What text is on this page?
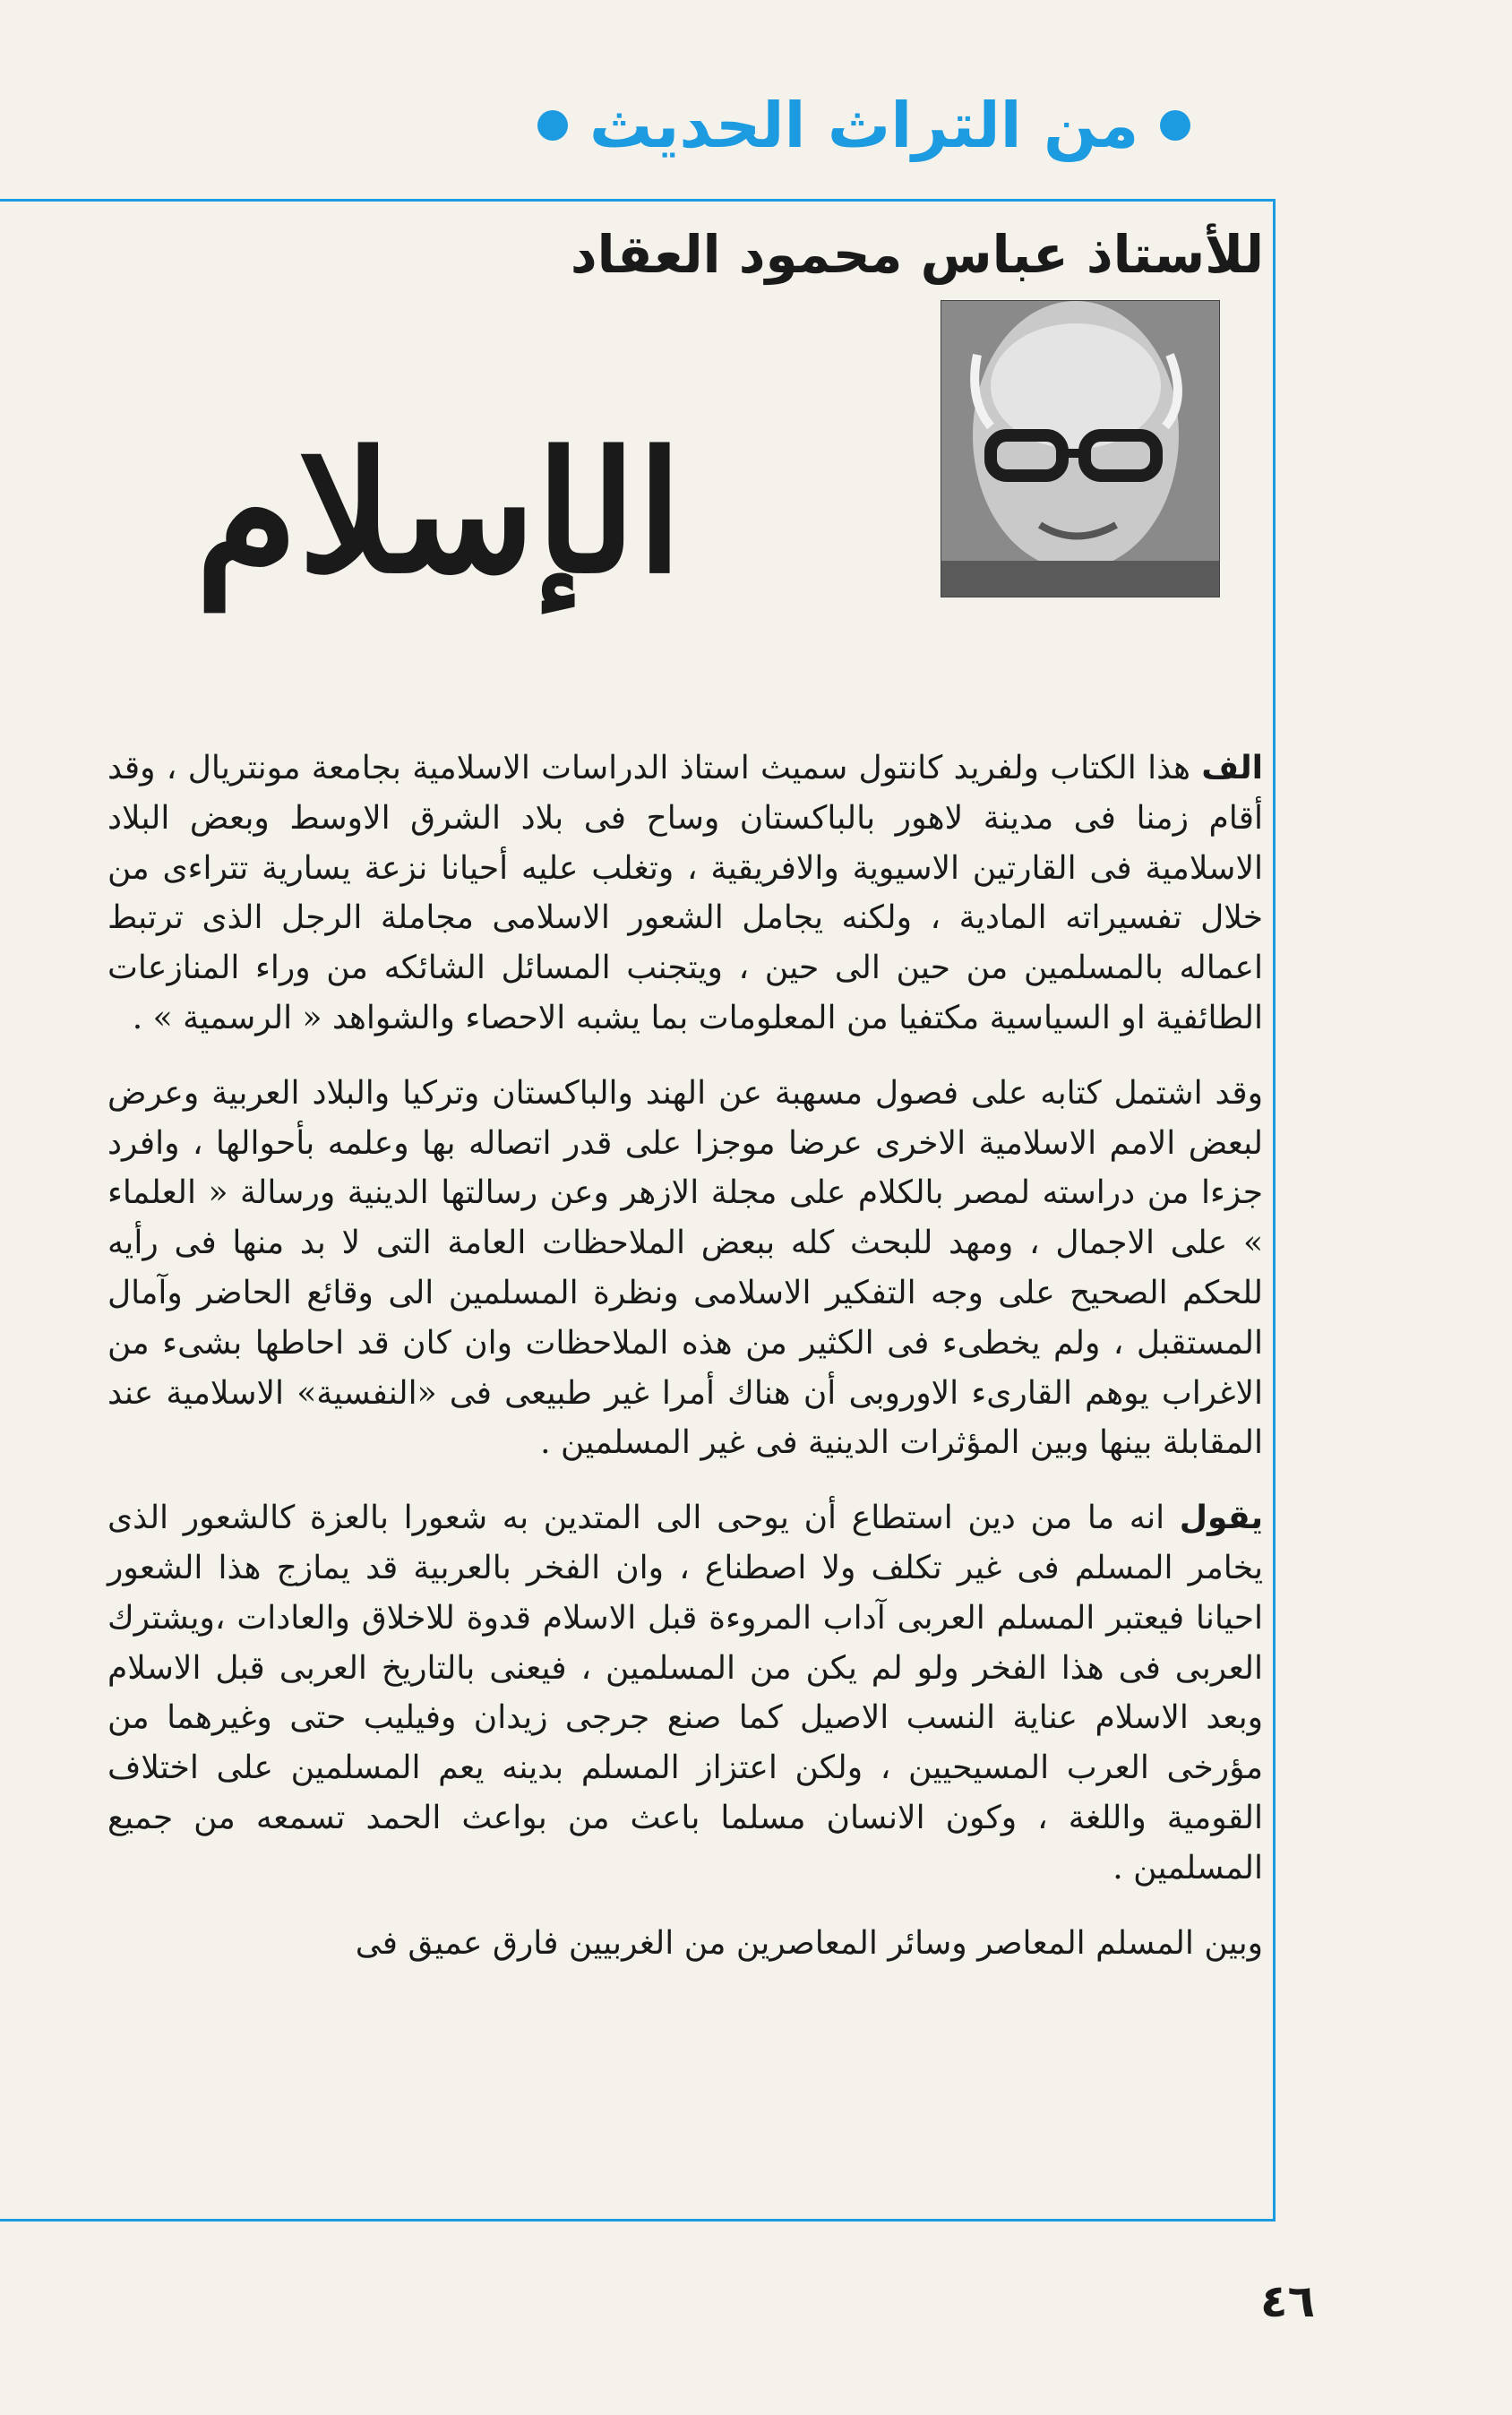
من التراث الحديث
للأستاذ عباس محمود العقاد
الإسلام

الف هذا الكتاب ولفريد كانتول سميث استاذ الدراسات الاسلامية بجامعة مونتريال ، وقد أقام زمنا فى مدينة لاهور بالباكستان وساح فى بلاد الشرق الاوسط وبعض البلاد الاسلامية فى القارتين الاسيوية والافريقية ، وتغلب عليه أحيانا نزعة يسارية تتراءى من خلال تفسيراته المادية ، ولكنه يجامل الشعور الاسلامى مجاملة الرجل الذى ترتبط اعماله بالمسلمين من حين الى حين ، ويتجنب المسائل الشائكه من وراء المنازعات الطائفية او السياسية مكتفيا من المعلومات بما يشبه الاحصاء والشواهد « الرسمية » .

وقد اشتمل كتابه على فصول مسهبة عن الهند والباكستان وتركيا والبلاد العربية وعرض لبعض الامم الاسلامية الاخرى عرضا موجزا على قدر اتصاله بها وعلمه بأحوالها ، وافرد جزءا من دراسته لمصر بالكلام على مجلة الازهر وعن رسالتها الدينية ورسالة « العلماء » على الاجمال ، ومهد للبحث كله ببعض الملاحظات العامة التى لا بد منها فى رأيه للحكم الصحيح على وجه التفكير الاسلامى ونظرة المسلمين الى وقائع الحاضر وآمال المستقبل ، ولم يخطىء فى الكثير من هذه الملاحظات وان كان قد احاطها بشىء من الاغراب يوهم القارىء الاوروبى أن هناك أمرا غير طبيعى فى «النفسية» الاسلامية عند المقابلة بينها وبين المؤثرات الدينية فى غير المسلمين .

يقول انه ما من دين استطاع أن يوحى الى المتدين به شعورا بالعزة كالشعور الذى يخامر المسلم فى غير تكلف ولا اصطناع ، وان الفخر بالعربية قد يمازج هذا الشعور احيانا فيعتبر المسلم العربى آداب المروءة قبل الاسلام قدوة للاخلاق والعادات ،ويشترك العربى فى هذا الفخر ولو لم يكن من المسلمين ، فيعنى بالتاريخ العربى قبل الاسلام وبعد الاسلام عناية النسب الاصيل كما صنع جرجى زيدان وفيليب حتى وغيرهما من مؤرخى العرب المسيحيين ، ولكن اعتزاز المسلم بدينه يعم المسلمين على اختلاف القومية واللغة ، وكون الانسان مسلما باعث من بواعث الحمد تسمعه من جميع المسلمين .

وبين المسلم المعاصر وسائر المعاصرين من الغربيين فارق عميق فى

٤٦
